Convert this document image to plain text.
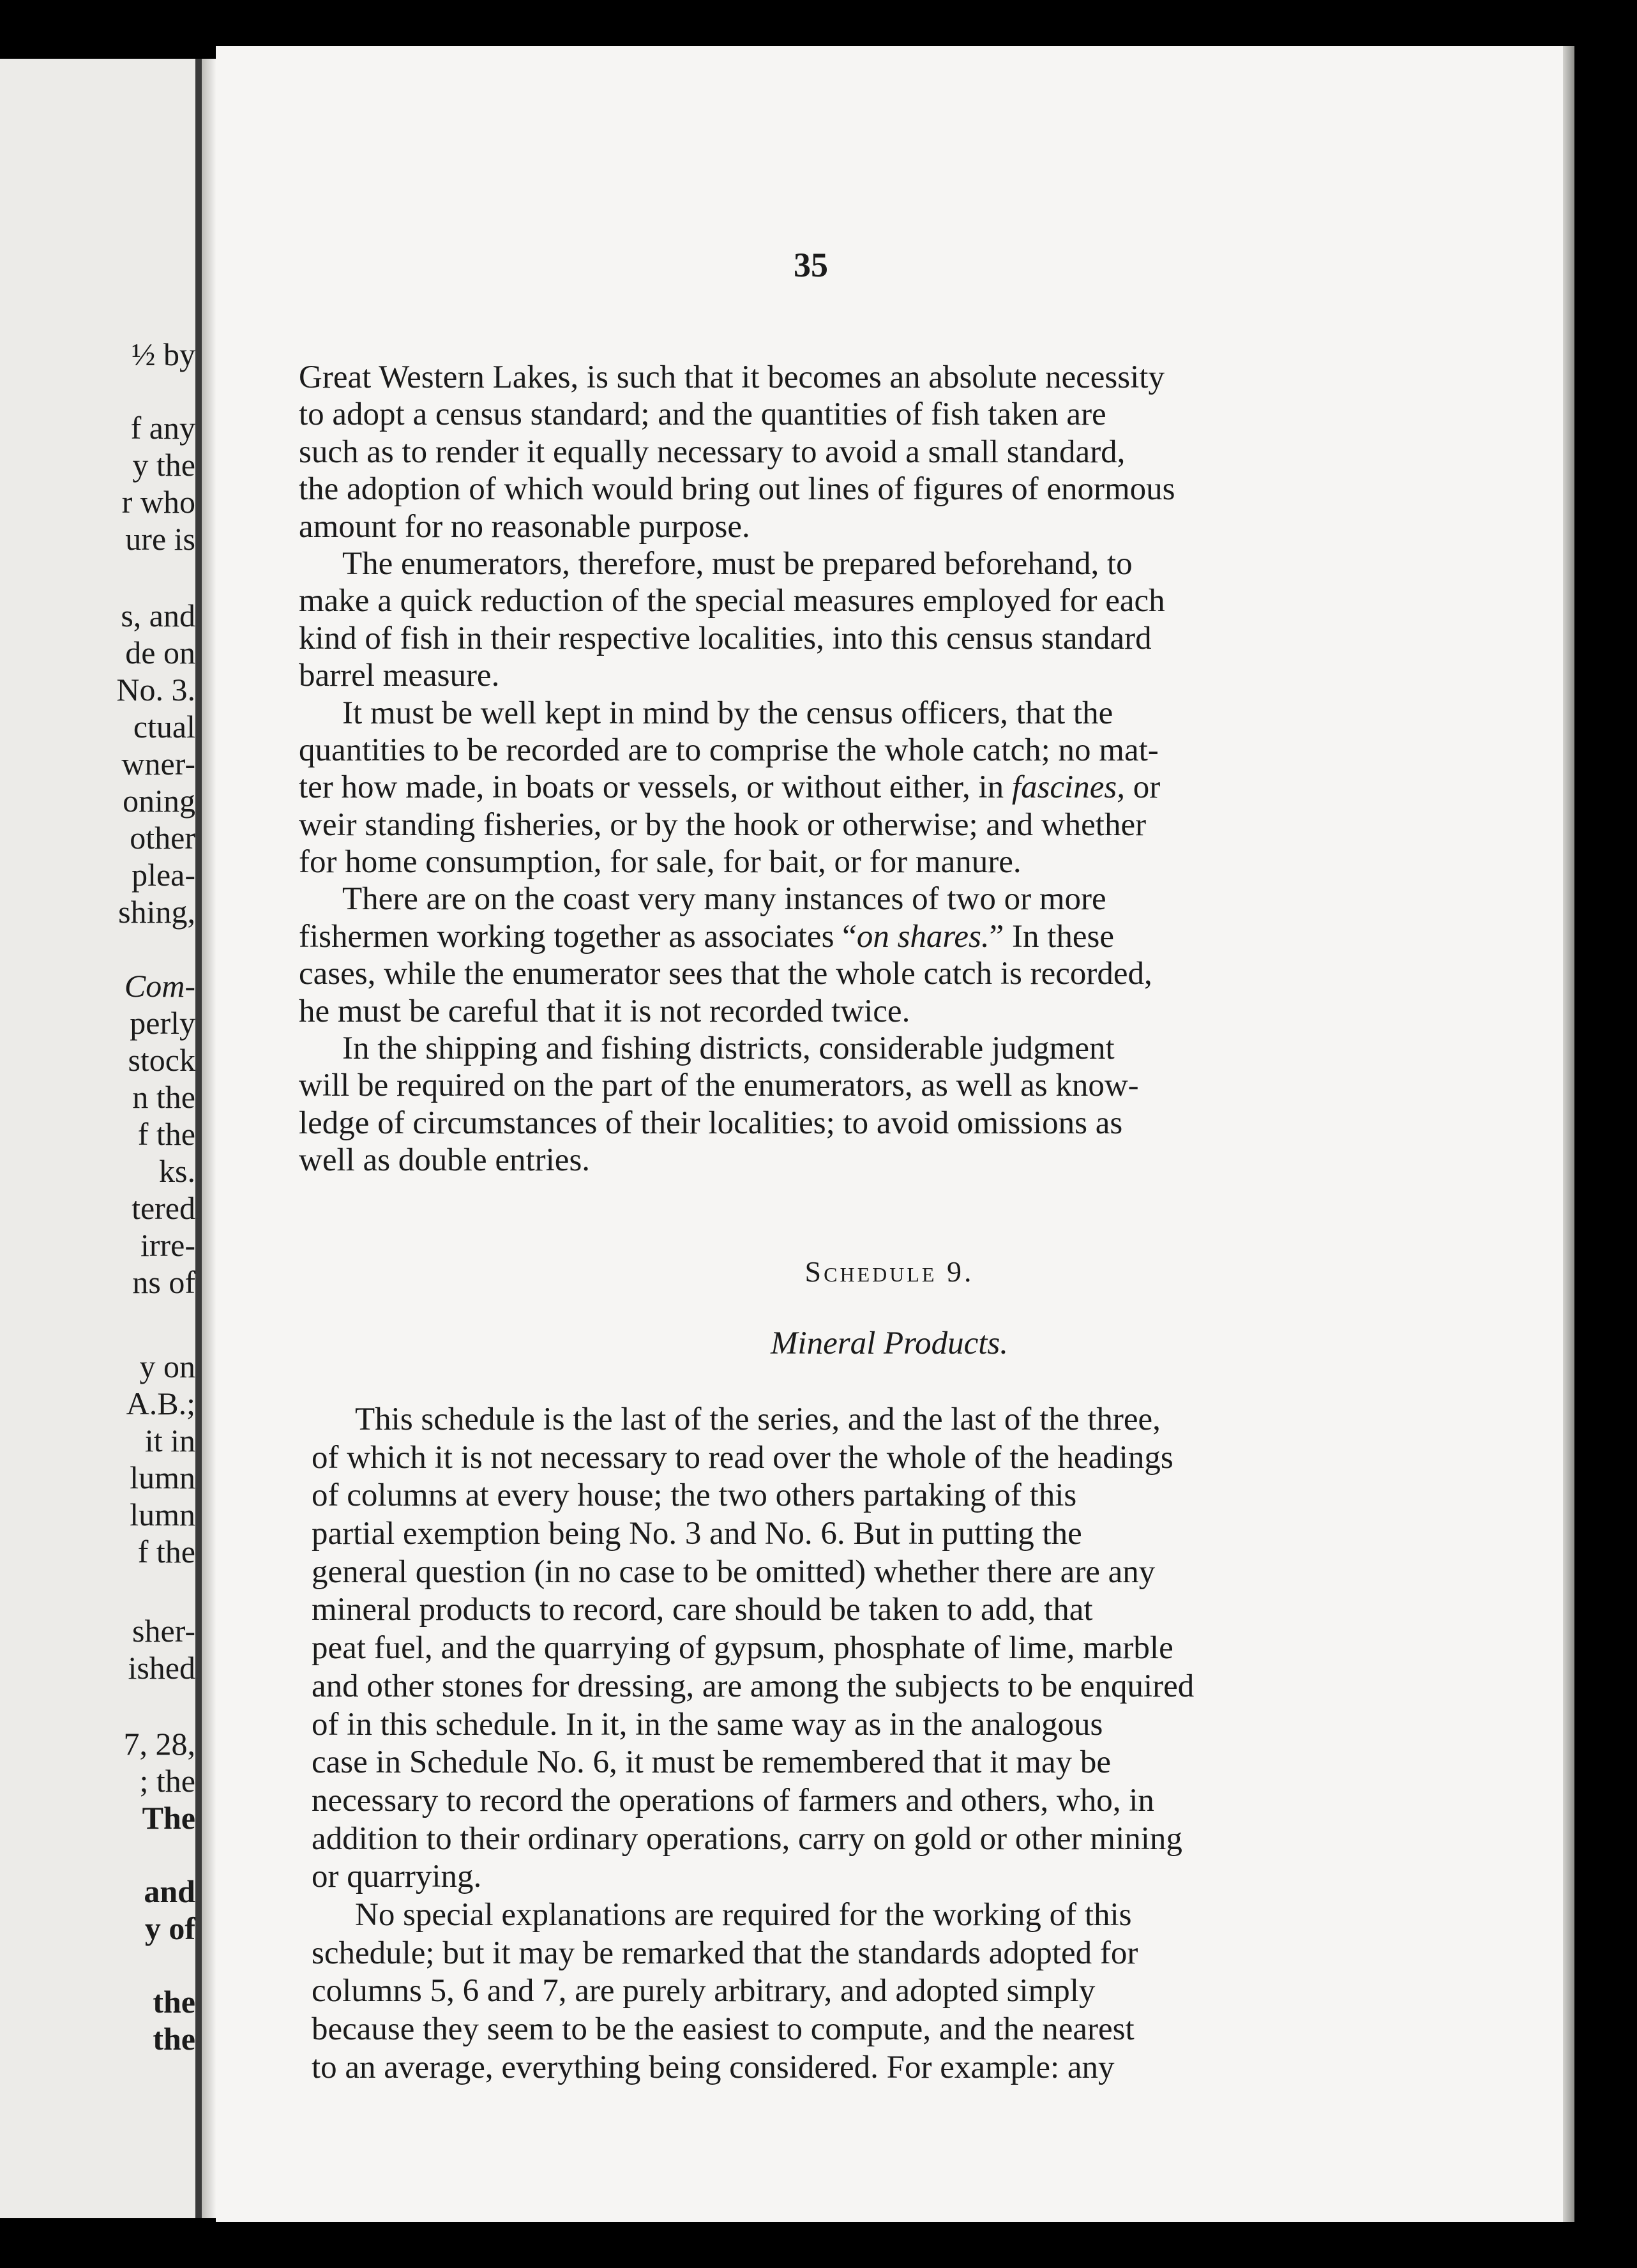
½ by
f any
y the
r who
ure is
s, and
de on
No. 3.
ctual
wner-
oning
other
plea-
shing,
Com-
perly
stock
n the
f the
ks.
tered
irre-
ns of
y on
A.B.;
it in
lumn
lumn
f the
sher-
ished
7, 28,
; the
The
and
y of
the
the
35
Great Western Lakes, is such that it becomes an absolute necessity
to adopt a census standard; and the quantities of fish taken are
such as to render it equally necessary to avoid a small standard,
the adoption of which would bring out lines of figures of enormous
amount for no reasonable purpose.
The enumerators, therefore, must be prepared beforehand, to
make a quick reduction of the special measures employed for each
kind of fish in their respective localities, into this census standard
barrel measure.
It must be well kept in mind by the census officers, that the
quantities to be recorded are to comprise the whole catch; no mat-
ter how made, in boats or vessels, or without either, in fascines, or
weir standing fisheries, or by the hook or otherwise; and whether
for home consumption, for sale, for bait, or for manure.
There are on the coast very many instances of two or more
fishermen working together as associates “on shares.” In these
cases, while the enumerator sees that the whole catch is recorded,
he must be careful that it is not recorded twice.
In the shipping and fishing districts, considerable judgment
will be required on the part of the enumerators, as well as know-
ledge of circumstances of their localities; to avoid omissions as
well as double entries.
Schedule 9.
Mineral Products.
This schedule is the last of the series, and the last of the three,
of which it is not necessary to read over the whole of the headings
of columns at every house; the two others partaking of this
partial exemption being No. 3 and No. 6. But in putting the
general question (in no case to be omitted) whether there are any
mineral products to record, care should be taken to add, that
peat fuel, and the quarrying of gypsum, phosphate of lime, marble
and other stones for dressing, are among the subjects to be enquired
of in this schedule. In it, in the same way as in the analogous
case in Schedule No. 6, it must be remembered that it may be
necessary to record the operations of farmers and others, who, in
addition to their ordinary operations, carry on gold or other mining
or quarrying.
No special explanations are required for the working of this
schedule; but it may be remarked that the standards adopted for
columns 5, 6 and 7, are purely arbitrary, and adopted simply
because they seem to be the easiest to compute, and the nearest
to an average, everything being considered. For example: any
